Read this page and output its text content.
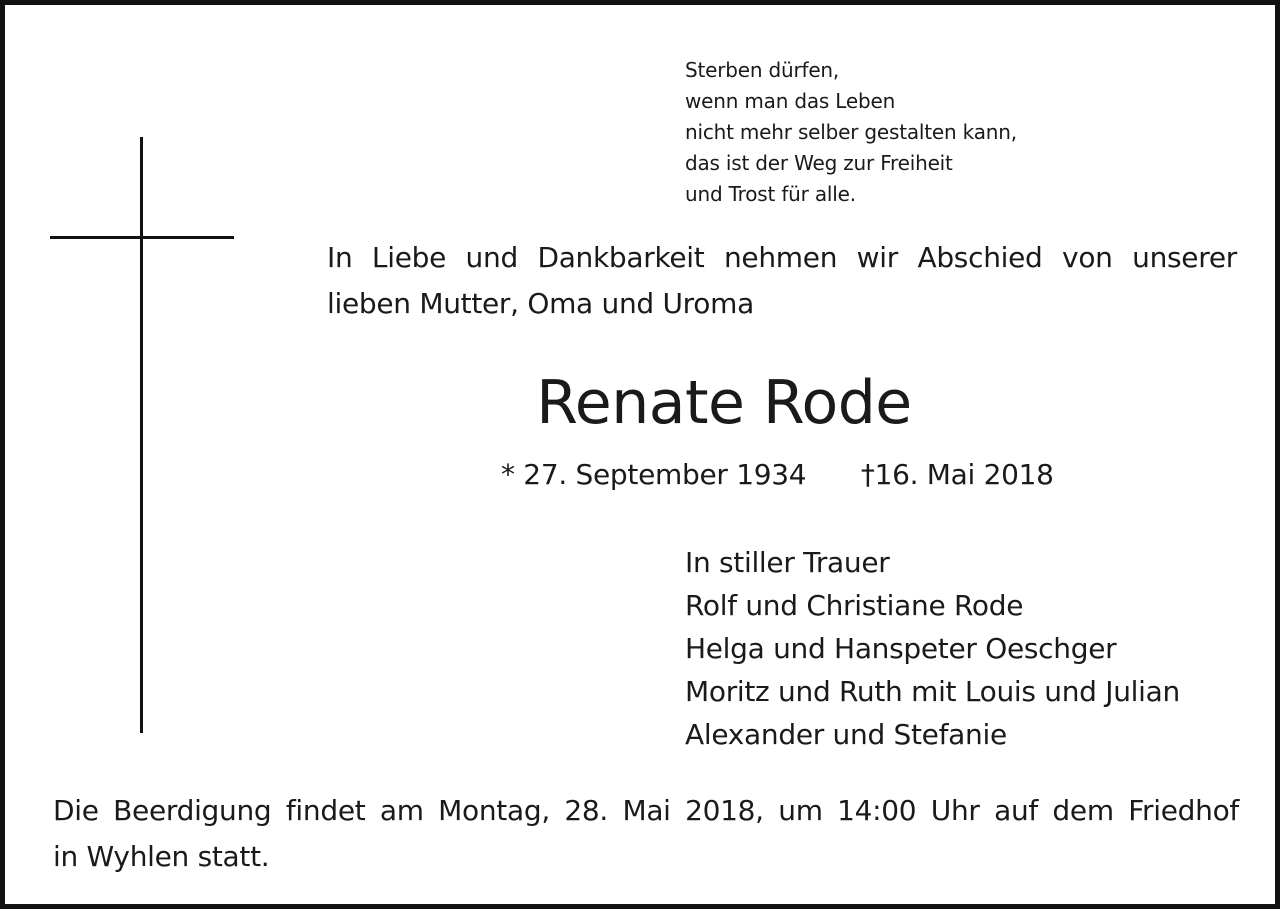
Sterben dürfen,
wenn man das Leben
nicht mehr selber gestalten kann,
das ist der Weg zur Freiheit
und Trost für alle.
In Liebe und Dankbarkeit nehmen wir Abschied von unserer
lieben Mutter, Oma und Uroma
Renate Rode
* 27. September 1934 †16. Mai 2018
In stiller Trauer
Rolf und Christiane Rode
Helga und Hanspeter Oeschger
Moritz und Ruth mit Louis und Julian
Alexander und Stefanie
Die Beerdigung findet am Montag, 28. Mai 2018, um 14:00 Uhr auf dem Friedhof
in Wyhlen statt.
